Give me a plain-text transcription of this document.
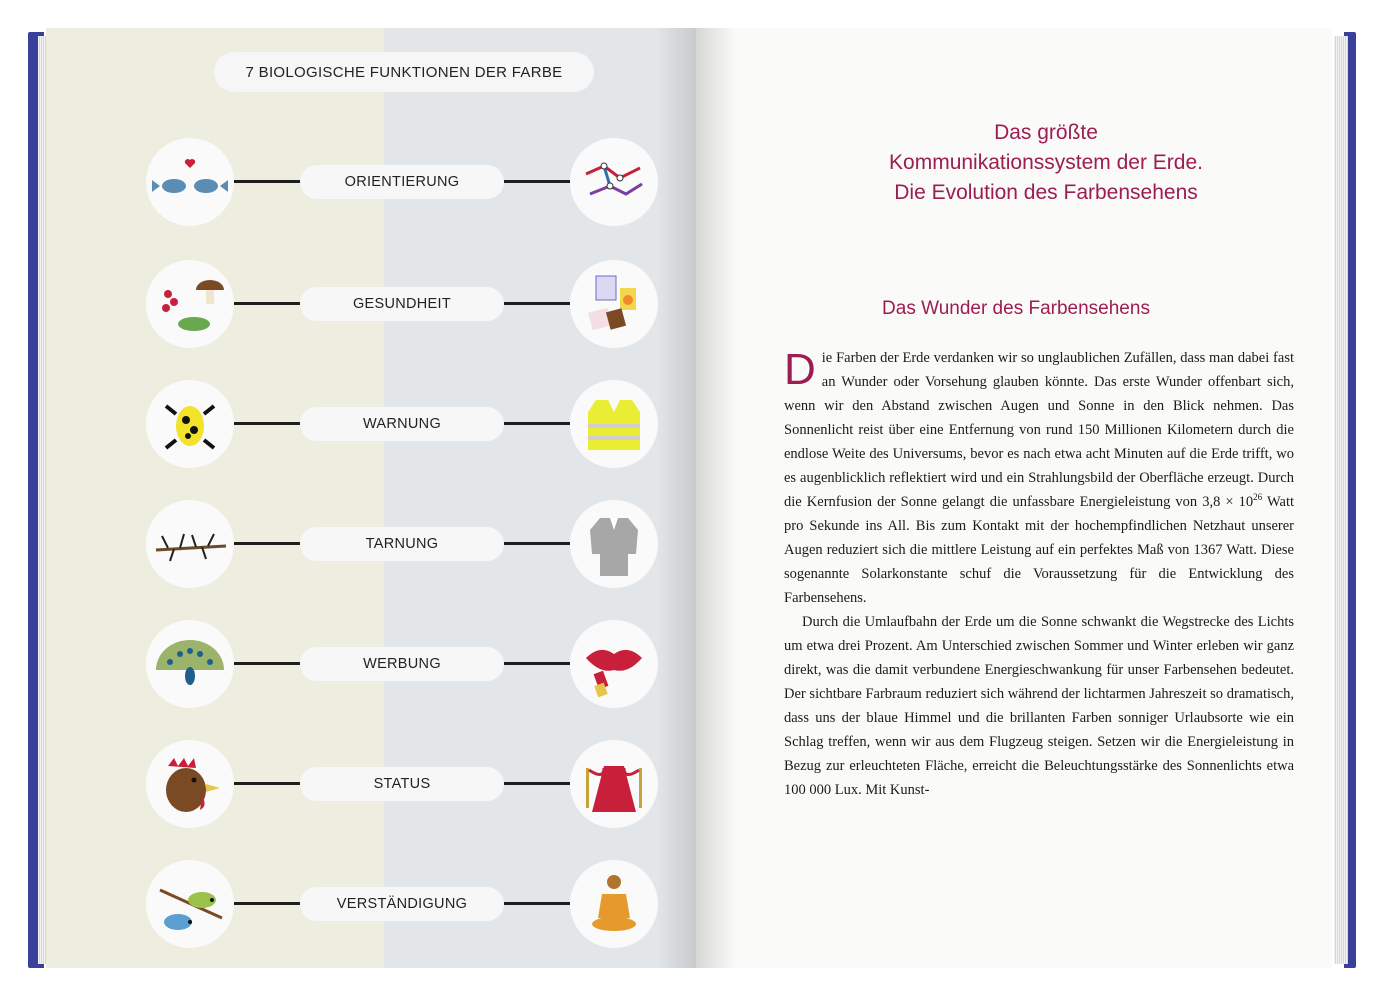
7 BIOLOGISCHE FUNKTIONEN DER FARBE
ORIENTIERUNG
GESUNDHEIT
WARNUNG
TARNUNG
WERBUNG
STATUS
VERSTÄNDIGUNG
Das größte
Kommunikationssystem der Erde.
Die Evolution des Farbensehens
Das Wunder des Farbensehens

Die Farben der Erde verdanken wir so unglaublichen Zufällen, dass man dabei fast an Wunder oder Vorsehung glauben könnte. Das erste Wunder offenbart sich, wenn wir den Abstand zwischen Augen und Sonne in den Blick nehmen. Das Sonnenlicht reist über eine Entfernung von rund 150 Millionen Kilometern durch die endlose Weite des Universums, bevor es nach etwa acht Minuten auf die Erde trifft, wo es augenblicklich reflektiert wird und ein Strahlungsbild der Oberfläche erzeugt. Durch die Kernfusion der Sonne gelangt die unfassbare Energieleistung von $3,8 \times 10^{26}$ Watt pro Sekunde ins All. Bis zum Kontakt mit der hochempfindlichen Netzhaut unserer Augen reduziert sich die mittlere Leistung auf ein perfektes Maß von 1367 Watt. Diese sogenannte Solarkonstante schuf die Voraussetzung für die Entwicklung des Farbensehens.

Durch die Umlaufbahn der Erde um die Sonne schwankt die Wegstrecke des Lichts um etwa drei Prozent. Am Unterschied zwischen Sommer und Winter erleben wir ganz direkt, was die damit verbundene Energieschwankung für unser Farbensehen bedeutet. Der sichtbare Farbraum reduziert sich während der lichtarmen Jahreszeit so dramatisch, dass uns der blaue Himmel und die brillanten Farben sonniger Urlaubsorte wie ein Schlag treffen, wenn wir aus dem Flugzeug steigen. Setzen wir die Energieleistung in Bezug zur erleuchteten Fläche, erreicht die Beleuchtungsstärke des Sonnenlichts etwa 100 000 Lux. Mit Kunst-
